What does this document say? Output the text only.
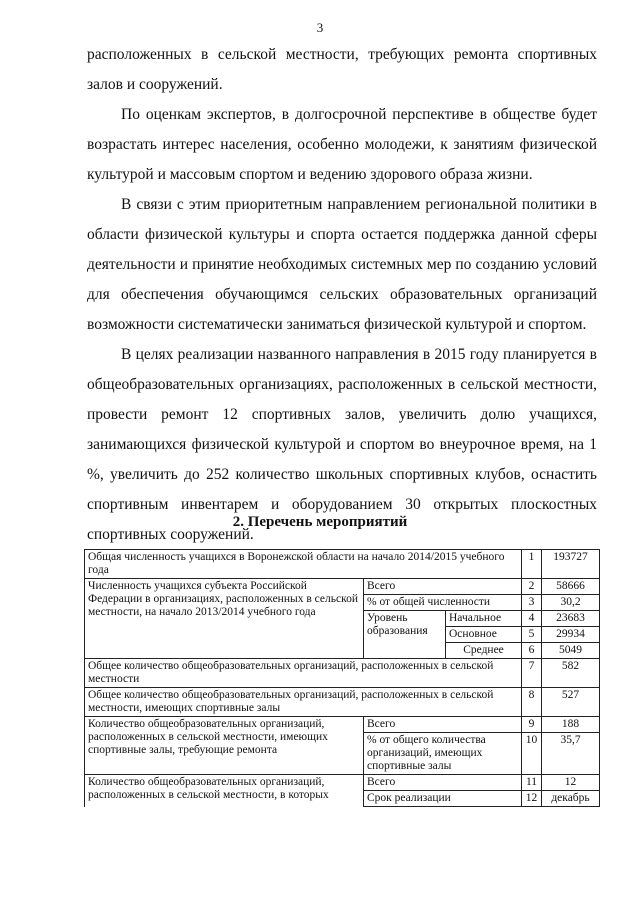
3

расположенных в сельской местности, требующих ремонта спортивных залов и сооружений.

По оценкам экспертов, в долгосрочной перспективе в обществе будет возрастать интерес населения, особенно молодежи, к занятиям физической культурой и массовым спортом и ведению здорового образа жизни.

В связи с этим приоритетным направлением региональной политики в области физической культуры и спорта остается поддержка данной сферы деятельности и принятие необходимых системных мер по созданию условий для обеспечения обучающимся сельских образовательных организаций возможности систематически заниматься физической культурой и спортом.

В целях реализации названного направления в 2015 году планируется в общеобразовательных организациях, расположенных в сельской местности, провести ремонт 12 спортивных залов, увеличить долю учащихся, занимающихся физической культурой и спортом во внеурочное время, на 1 %, увеличить до 252 количество школьных спортивных клубов, оснастить спортивным инвентарем и оборудованием 30 открытых плоскостных спортивных сооружений.

2. Перечень мероприятий
Общая численность учащихся в Воронежской области на начало 2014/2015 учебного года			1	193727
Численность учащихся субъекта Российской Федерации в организациях, расположенных в сельской местности, на начало 2013/2014 учебного года	Всего		2	58666
	% от общей численности		3	30,2
	Уровень образования	Начальное	4	23683
		Основное	5	29934
		Среднее	6	5049
Общее количество общеобразовательных организаций, расположенных в сельской местности			7	582
Общее количество общеобразовательных организаций, расположенных в сельской местности, имеющих спортивные залы			8	527

Количество общеобразовательных организаций, расположенных в сельской местности, имеющих спортивные залы, требующие ремонта	Всего		9	188
	% от общего количества организаций, имеющих спортивные залы		10	35,7
Количество общеобразовательных организаций, расположенных в сельской местности, в которых	Всего		11	12
	Срок реализации		12	декабрь
